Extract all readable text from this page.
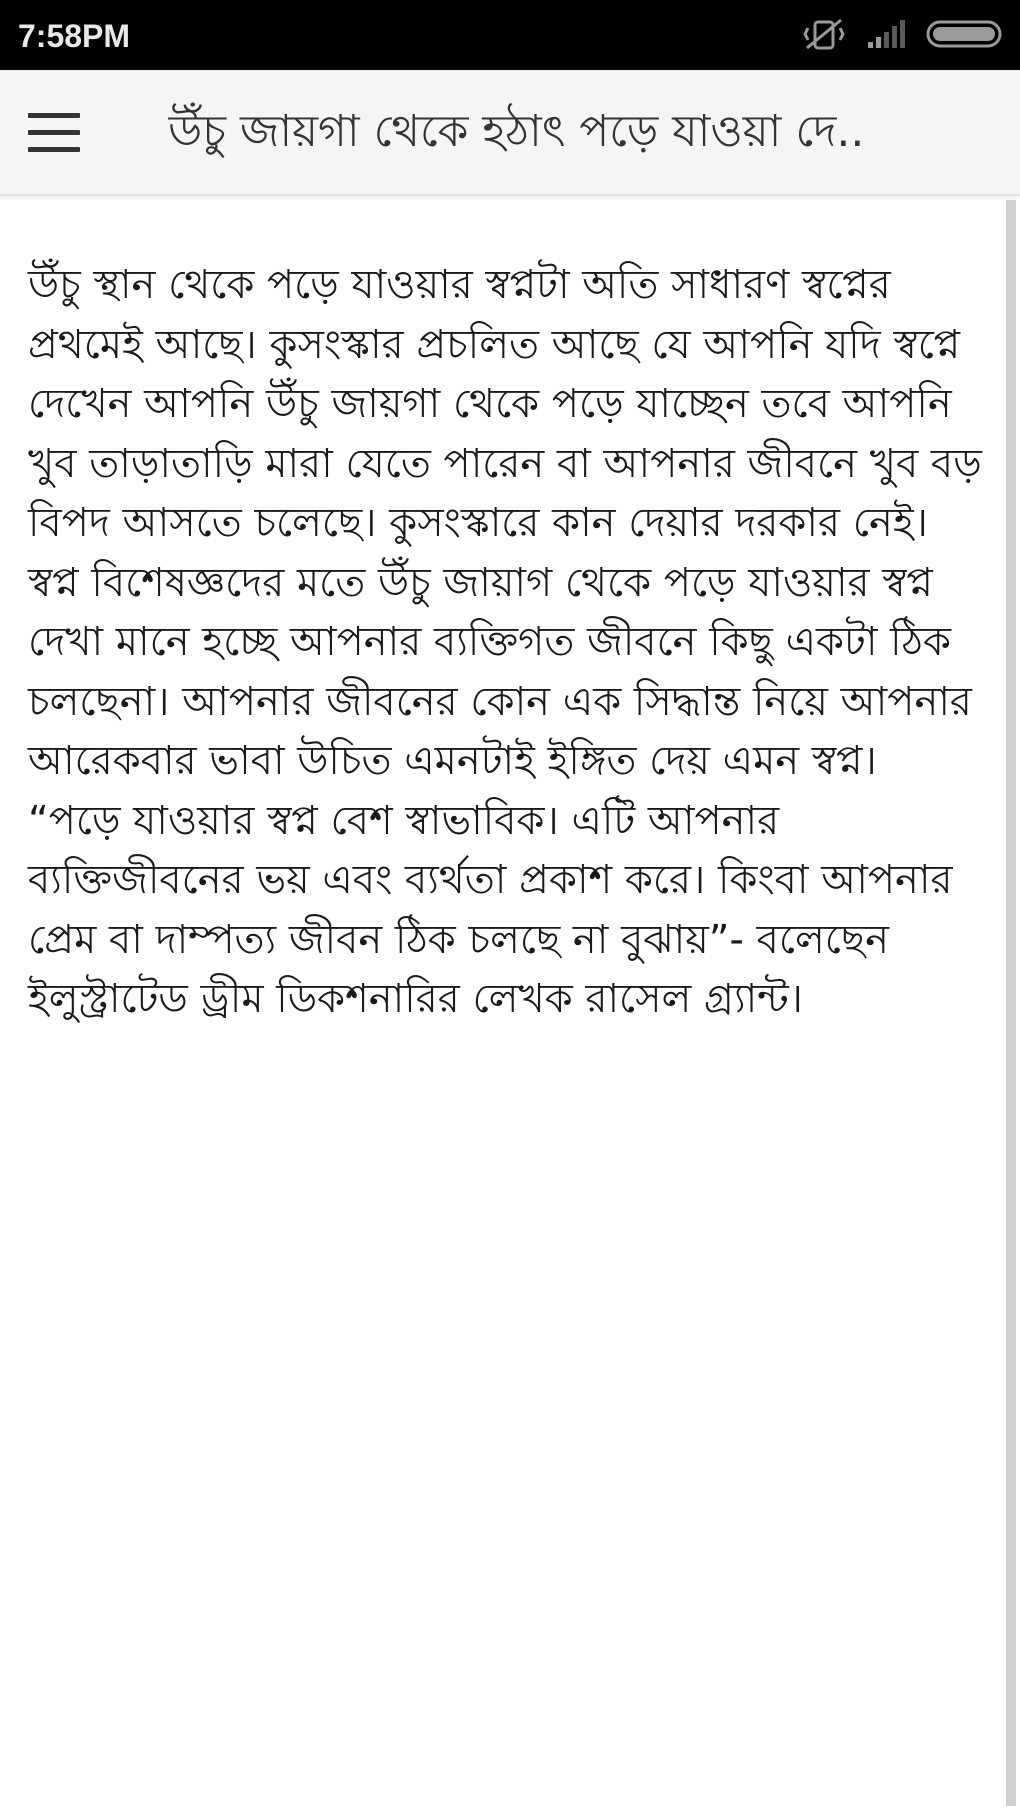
7:58PM
উঁচু জায়গা থেকে হঠাৎ পড়ে যাওয়া দে..

উঁচু স্থান থেকে পড়ে যাওয়ার স্বপ্নটা অতি সাধারণ স্বপ্নের প্রথমেই আছে। কুসংস্কার প্রচলিত আছে যে আপনি যদি স্বপ্নে দেখেন আপনি উঁচু জায়গা থেকে পড়ে যাচ্ছেন তবে আপনি খুব তাড়াতাড়ি মারা যেতে পারেন বা আপনার জীবনে খুব বড় বিপদ আসতে চলেছে। কুসংস্কারে কান দেয়ার দরকার নেই। স্বপ্ন বিশেষজ্ঞদের মতে উঁচু জায়াগ থেকে পড়ে যাওয়ার স্বপ্ন দেখা মানে হচ্ছে আপনার ব্যক্তিগত জীবনে কিছু একটা ঠিক চলছেনা। আপনার জীবনের কোন এক সিদ্ধান্ত নিয়ে আপনার আরেকবার ভাবা উচিত এমনটাই ইঙ্গিত দেয় এমন স্বপ্ন।

“পড়ে যাওয়ার স্বপ্ন বেশ স্বাভাবিক। এটি আপনার ব্যক্তিজীবনের ভয় এবং ব্যর্থতা প্রকাশ করে। কিংবা আপনার প্রেম বা দাম্পত্য জীবন ঠিক চলছে না বুঝায়”- বলেছেন ইলুস্ট্রাটেড ড্রীম ডিকশনারির লেখক রাসেল গ্র্যান্ট।
